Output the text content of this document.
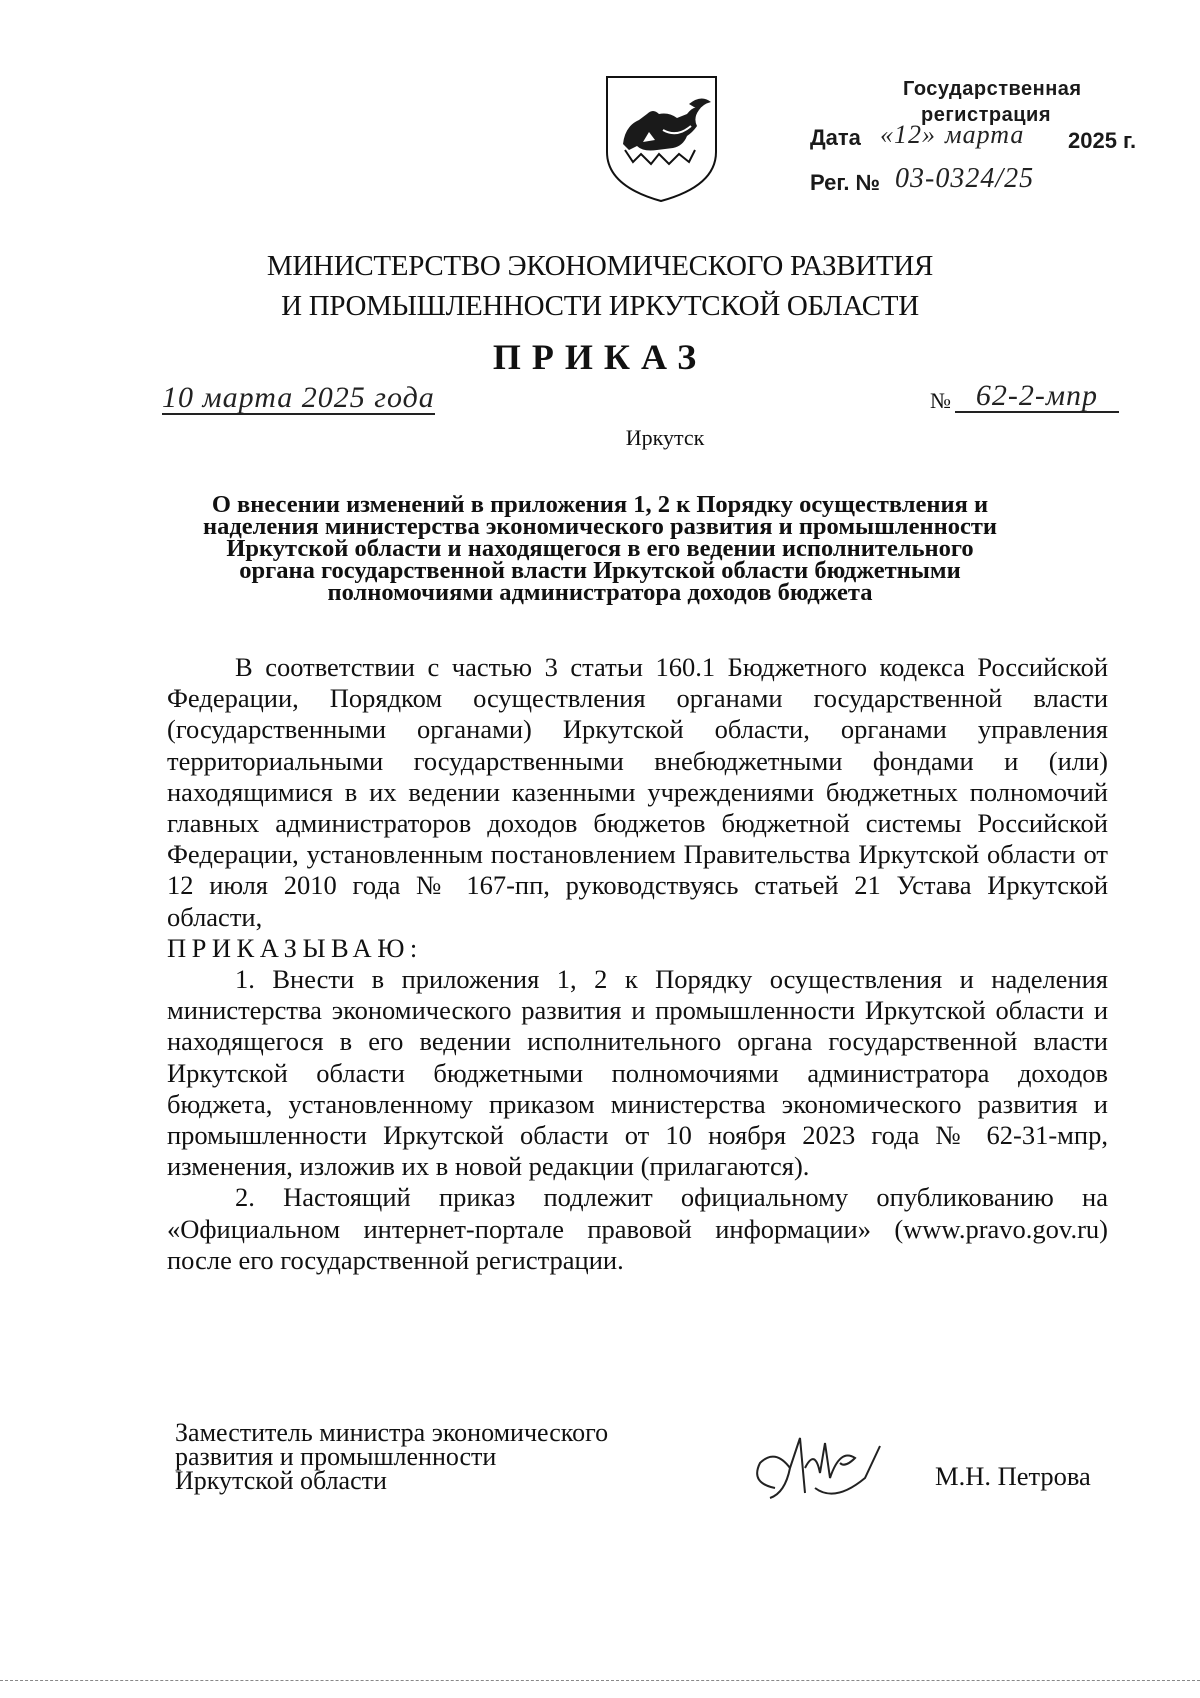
Государственная
регистрация
Дата «12» марта 2025 г.
Рег. № 03-0324/25
МИНИСТЕРСТВО ЭКОНОМИЧЕСКОГО РАЗВИТИЯ
И ПРОМЫШЛЕННОСТИ ИРКУТСКОЙ ОБЛАСТИ
ПРИКАЗ
10 марта 2025 года	№ 62-2-мпр
Иркутск
О внесении изменений в приложения 1, 2 к Порядку осуществления и
наделения министерства экономического развития и промышленности
Иркутской области и находящегося в его ведении исполнительного
органа государственной власти Иркутской области бюджетными
полномочиями администратора доходов бюджета

В соответствии с частью 3 статьи 160.1 Бюджетного кодекса Российской Федерации, Порядком осуществления органами государственной власти (государственными органами) Иркутской области, органами управления территориальными государственными внебюджетными фондами и (или) находящимися в их ведении казенными учреждениями бюджетных полномочий главных администраторов доходов бюджетов бюджетной системы Российской Федерации, установленным постановлением Правительства Иркутской области от 12 июля 2010 года № 167-пп, руководствуясь статьей 21 Устава Иркутской области,

ПРИКАЗЫВАЮ:

1. Внести в приложения 1, 2 к Порядку осуществления и наделения министерства экономического развития и промышленности Иркутской области и находящегося в его ведении исполнительного органа государственной власти Иркутской области бюджетными полномочиями администратора доходов бюджета, установленному приказом министерства экономического развития и промышленности Иркутской области от 10 ноября 2023 года № 62-31-мпр, изменения, изложив их в новой редакции (прилагаются).

2. Настоящий приказ подлежит официальному опубликованию на «Официальном интернет-портале правовой информации» (www.pravo.gov.ru) после его государственной регистрации.

Заместитель министра экономического
развития и промышленности
Иркутской области	М.Н. Петрова
